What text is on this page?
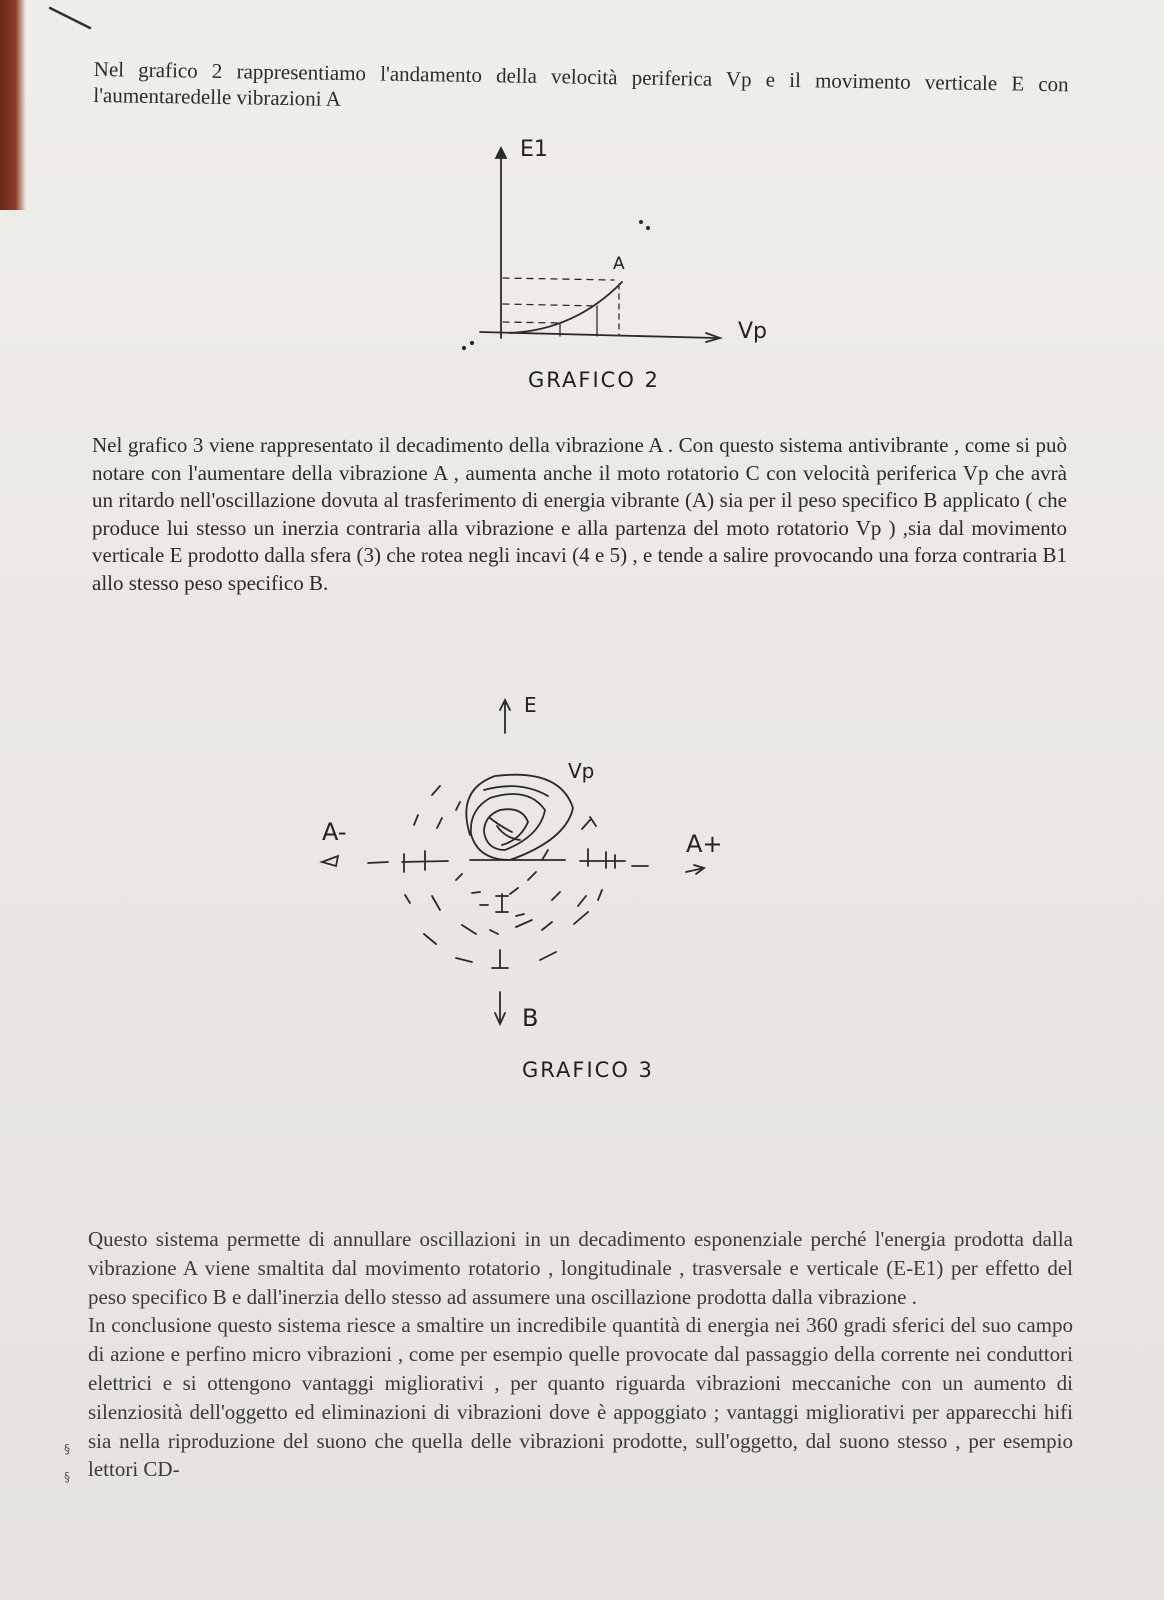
Nel grafico 2 rappresentiamo l'andamento della velocità periferica Vp e il movimento verticale E con l'aumentaredelle vibrazioni A

E1
A
Vp
GRAFICO 2

Nel grafico 3 viene rappresentato il decadimento della vibrazione A . Con questo sistema antivibrante , come si può notare con l'aumentare della vibrazione A , aumenta anche il moto rotatorio C con velocità periferica Vp che avrà un ritardo nell'oscillazione dovuta al trasferimento di energia vibrante (A) sia per il peso specifico B applicato ( che produce lui stesso un inerzia contraria alla vibrazione e alla partenza del moto rotatorio Vp ) ,sia dal movimento verticale E prodotto dalla sfera (3) che rotea negli incavi (4 e 5) , e tende a salire provocando una forza contraria B1 allo stesso peso specifico B.

E
Vp
A-	A+
B
GRAFICO 3

Questo sistema permette di annullare oscillazioni in un decadimento esponenziale perché l'energia prodotta dalla vibrazione A viene smaltita dal movimento rotatorio , longitudinale , trasversale e verticale (E-E1) per effetto del peso specifico B e dall'inerzia dello stesso ad assumere una oscillazione prodotta dalla vibrazione .
In conclusione questo sistema riesce a smaltire un incredibile quantità di energia nei 360 gradi sferici del suo campo di azione e perfino micro vibrazioni , come per esempio quelle provocate dal passaggio della corrente nei conduttori elettrici e si ottengono vantaggi migliorativi , per quanto riguarda vibrazioni meccaniche con un aumento di silenziosità dell'oggetto ed eliminazioni di vibrazioni dove è appoggiato ; vantaggi migliorativi per apparecchi hifi sia nella riproduzione del suono che quella delle vibrazioni prodotte, sull'oggetto, dal suono stesso , per esempio lettori CD-

§
§
